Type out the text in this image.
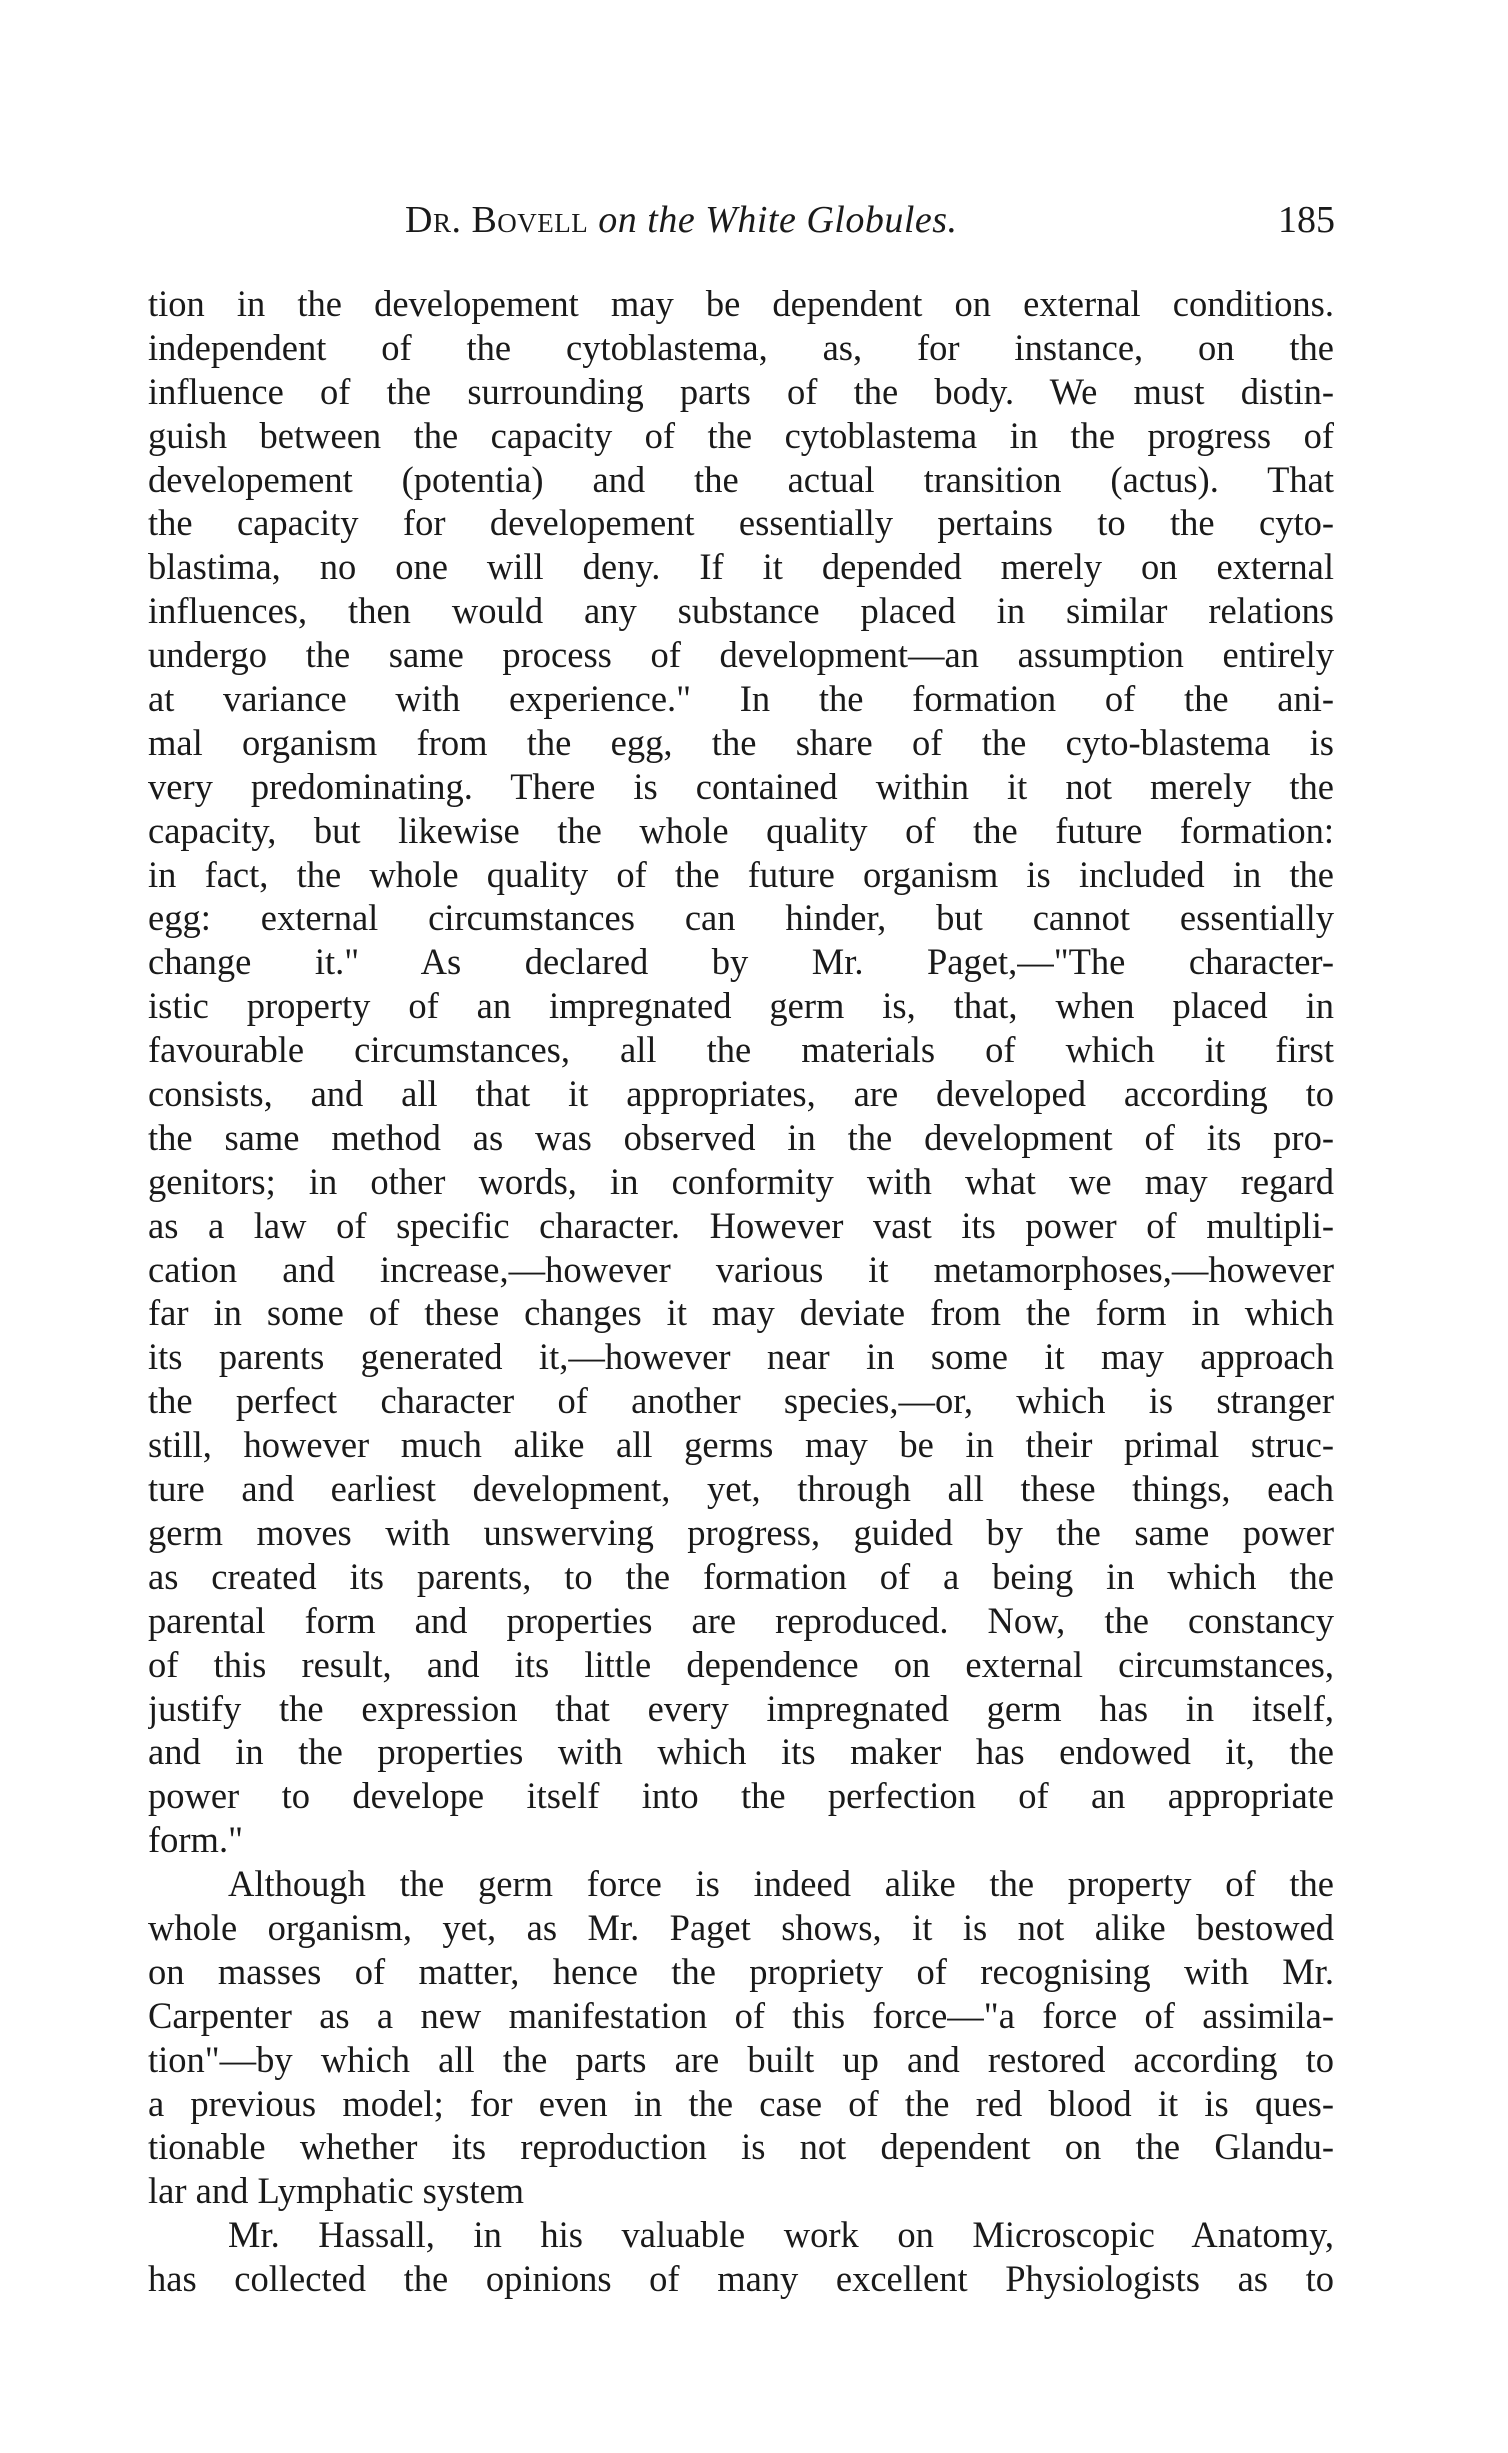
Dr. Bovell on the White Globules.	185
tion in the developement may be dependent on external conditions.
independent of the cytoblastema, as, for instance, on the
influence of the surrounding parts of the body. We must distin-
guish between the capacity of the cytoblastema in the progress of
developement (potentia) and the actual transition (actus). That
the capacity for developement essentially pertains to the cyto-
blastima, no one will deny. If it depended merely on external
influences, then would any substance placed in similar relations
undergo the same process of development—an assumption entirely
at variance with experience." In the formation of the ani-
mal organism from the egg, the share of the cyto-blastema is
very predominating. There is contained within it not merely the
capacity, but likewise the whole quality of the future formation:
in fact, the whole quality of the future organism is included in the
egg: external circumstances can hinder, but cannot essentially
change it." As declared by Mr. Paget,—"The character-
istic property of an impregnated germ is, that, when placed in
favourable circumstances, all the materials of which it first
consists, and all that it appropriates, are developed according to
the same method as was observed in the development of its pro-
genitors; in other words, in conformity with what we may regard
as a law of specific character. However vast its power of multipli-
cation and increase,—however various it metamorphoses,—however
far in some of these changes it may deviate from the form in which
its parents generated it,—however near in some it may approach
the perfect character of another species,—or, which is stranger
still, however much alike all germs may be in their primal struc-
ture and earliest development, yet, through all these things, each
germ moves with unswerving progress, guided by the same power
as created its parents, to the formation of a being in which the
parental form and properties are reproduced. Now, the constancy
of this result, and its little dependence on external circumstances,
justify the expression that every impregnated germ has in itself,
and in the properties with which its maker has endowed it, the
power to develope itself into the perfection of an appropriate
form."
Although the germ force is indeed alike the property of the
whole organism, yet, as Mr. Paget shows, it is not alike bestowed
on masses of matter, hence the propriety of recognising with Mr.
Carpenter as a new manifestation of this force—"a force of assimila-
tion"—by which all the parts are built up and restored according to
a previous model; for even in the case of the red blood it is ques-
tionable whether its reproduction is not dependent on the Glandu-
lar and Lymphatic system
Mr. Hassall, in his valuable work on Microscopic Anatomy,
has collected the opinions of many excellent Physiologists as to
